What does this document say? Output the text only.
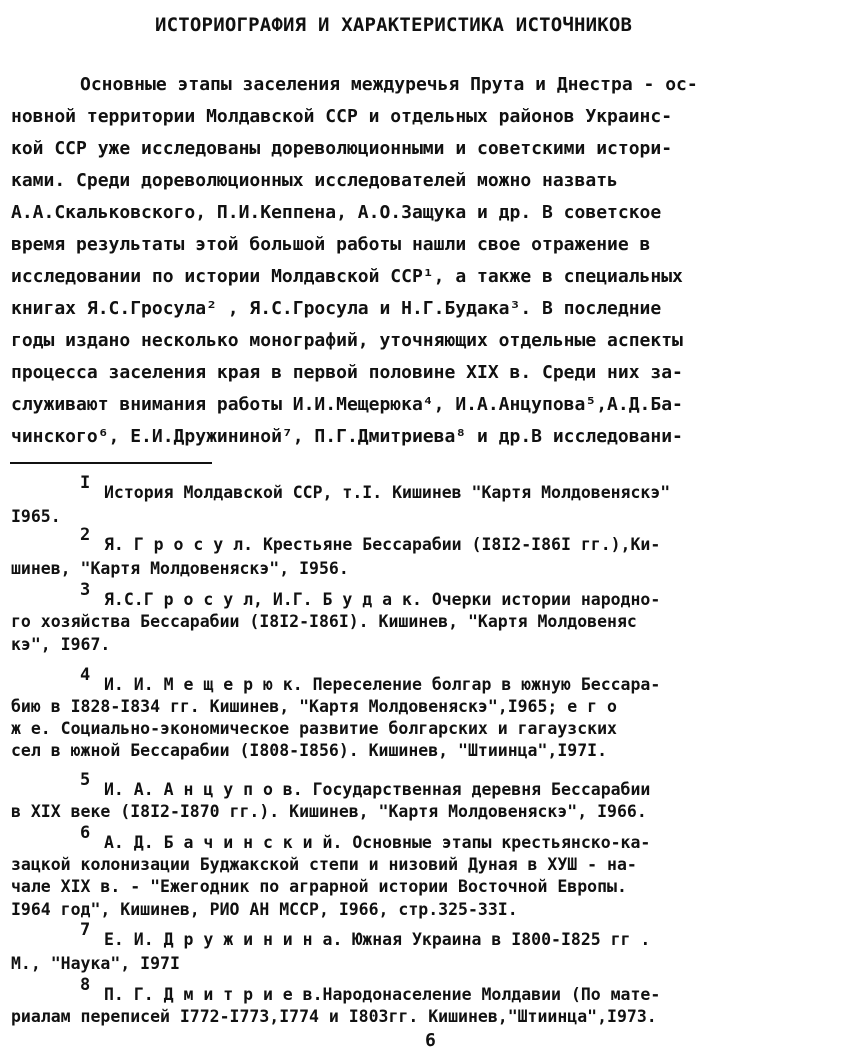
ИСТОРИОГРАФИЯ И ХАРАКТЕРИСТИКА ИСТОЧНИКОВ
Основные этапы заселения междуречья Прута и Днестра - ос-
новной территории Молдавской ССР и отдельных районов Украинс-
кой ССР уже исследованы дореволюционными и советскими истори-
ками. Среди дореволюционных исследователей можно назвать
А.А.Скальковского, П.И.Кеппена, А.О.Защука и др. В советское
время результаты этой большой работы нашли свое отражение в
исследовании по истории Молдавской ССР¹, а также в специальных
книгах Я.С.Гросула² , Я.С.Гросула и Н.Г.Будака³. В последние
годы издано несколько монографий, уточняющих отдельные аспекты
процесса заселения края в первой половине XIX в. Среди них за-
служивают внимания работы И.И.Мещерюка⁴, И.А.Анцупова⁵,А.Д.Ба-
чинского⁶, Е.И.Дружининой⁷, П.Г.Дмитриева⁸ и др.В исследовани-
I История Молдавской ССР, т.I. Кишинев "Картя Молдовеняскэ"
I965.
2 Я. Г р о с у л. Крестьяне Бессарабии (I8I2-I86I гг.),Ки-
шинев, "Картя Молдовеняскэ", I956.
3 Я.С.Г р о с у л, И.Г. Б у д а к. Очерки истории народно-
го хозяйства Бессарабии (I8I2-I86I). Кишинев, "Картя Молдовеняс
кэ", I967.
4 И. И. М е щ е р ю к. Переселение болгар в южную Бессара-
бию в I828-I834 гг. Кишинев, "Картя Молдовеняскэ",I965; е г о
ж е. Социально-экономическое развитие болгарских и гагаузских
сел в южной Бессарабии (I808-I856). Кишинев, "Штиинца",I97I.
5 И. А. А н ц у п о в. Государственная деревня Бессарабии
в XIX веке (I8I2-I870 гг.). Кишинев, "Картя Молдовеняскэ", I966.
6 А. Д. Б а ч и н с к и й. Основные этапы крестьянско-ка-
зацкой колонизации Буджакской степи и низовий Дуная в ХУШ - на-
чале XIX в. - "Ежегодник по аграрной истории Восточной Европы.
I964 год", Кишинев, РИО АН МССР, I966, стр.325-33I.
7 Е. И. Д р у ж и н и н а. Южная Украина в I800-I825 гг .
М., "Наука", I97I
8 П. Г. Д м и т р и е в.Народонаселение Молдавии (По мате-
риалам переписей I772-I773,I774 и I803гг. Кишинев,"Штиинца",I973.
6
